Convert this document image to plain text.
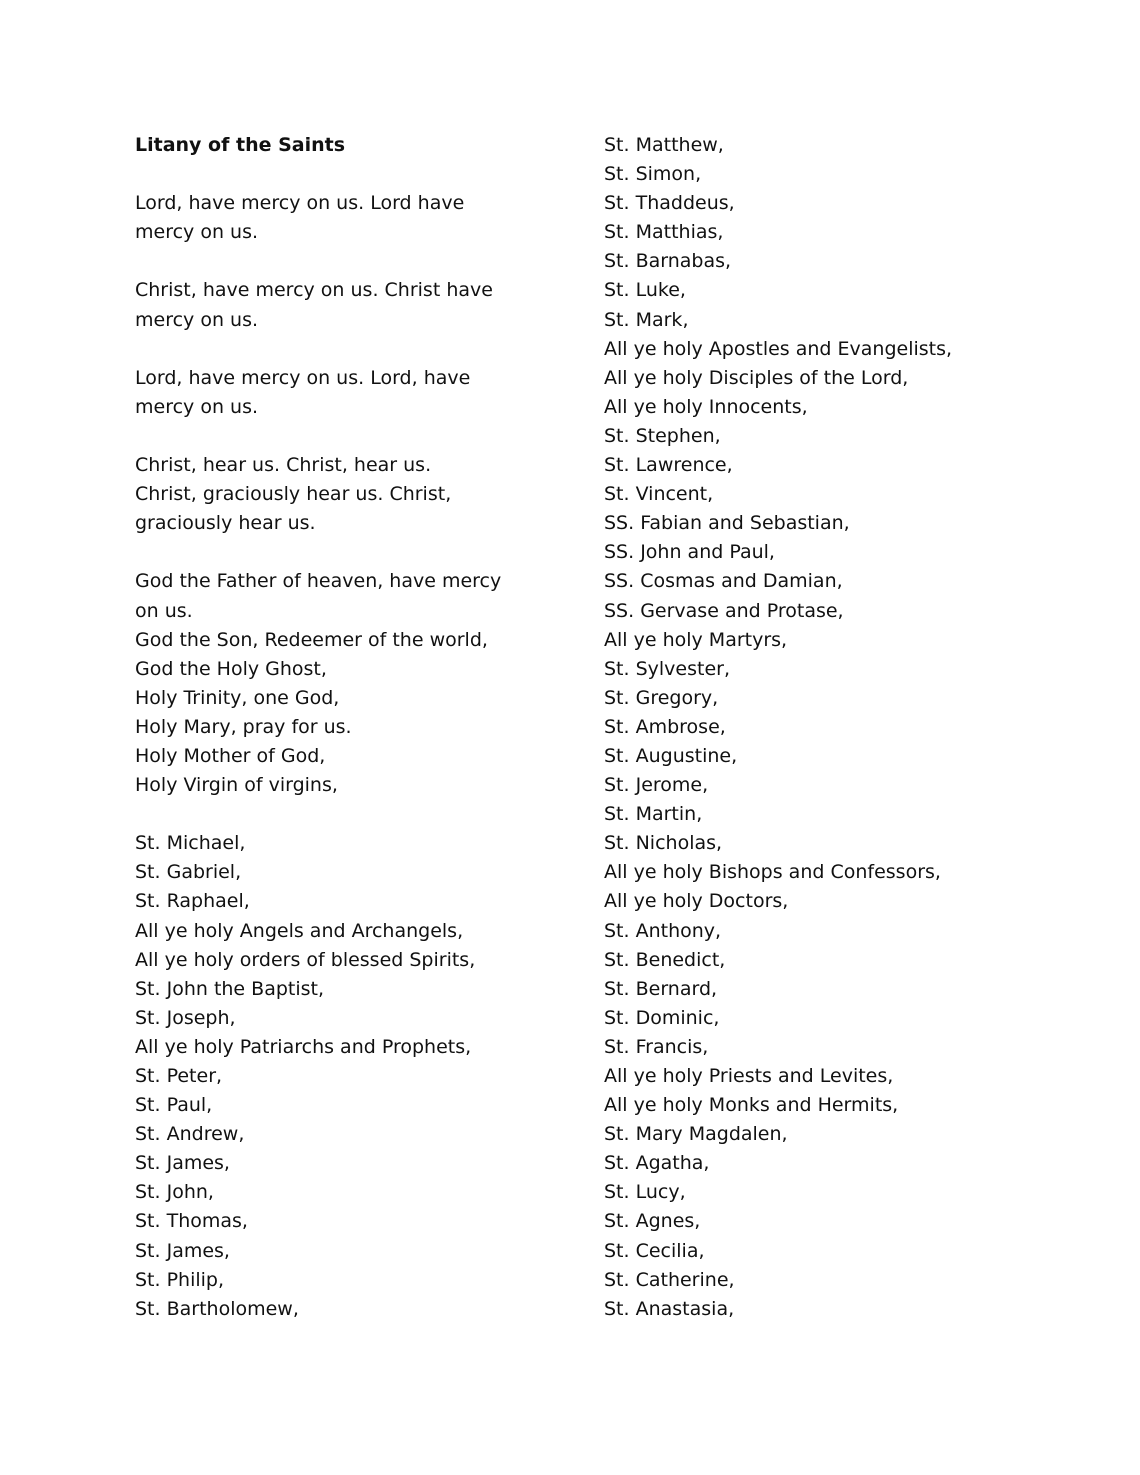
Litany of the Saints
Lord, have mercy on us. Lord have
mercy on us.
Christ, have mercy on us. Christ have
mercy on us.
Lord, have mercy on us. Lord, have
mercy on us.
Christ, hear us. Christ, hear us.
Christ, graciously hear us. Christ,
graciously hear us.
God the Father of heaven, have mercy
on us.
God the Son, Redeemer of the world,
God the Holy Ghost,
Holy Trinity, one God,
Holy Mary, pray for us.
Holy Mother of God,
Holy Virgin of virgins,
St. Michael,
St. Gabriel,
St. Raphael,
All ye holy Angels and Archangels,
All ye holy orders of blessed Spirits,
St. John the Baptist,
St. Joseph,
All ye holy Patriarchs and Prophets,
St. Peter,
St. Paul,
St. Andrew,
St. James,
St. John,
St. Thomas,
St. James,
St. Philip,
St. Bartholomew,
St. Matthew,
St. Simon,
St. Thaddeus,
St. Matthias,
St. Barnabas,
St. Luke,
St. Mark,
All ye holy Apostles and Evangelists,
All ye holy Disciples of the Lord,
All ye holy Innocents,
St. Stephen,
St. Lawrence,
St. Vincent,
SS. Fabian and Sebastian,
SS. John and Paul,
SS. Cosmas and Damian,
SS. Gervase and Protase,
All ye holy Martyrs,
St. Sylvester,
St. Gregory,
St. Ambrose,
St. Augustine,
St. Jerome,
St. Martin,
St. Nicholas,
All ye holy Bishops and Confessors,
All ye holy Doctors,
St. Anthony,
St. Benedict,
St. Bernard,
St. Dominic,
St. Francis,
All ye holy Priests and Levites,
All ye holy Monks and Hermits,
St. Mary Magdalen,
St. Agatha,
St. Lucy,
St. Agnes,
St. Cecilia,
St. Catherine,
St. Anastasia,
